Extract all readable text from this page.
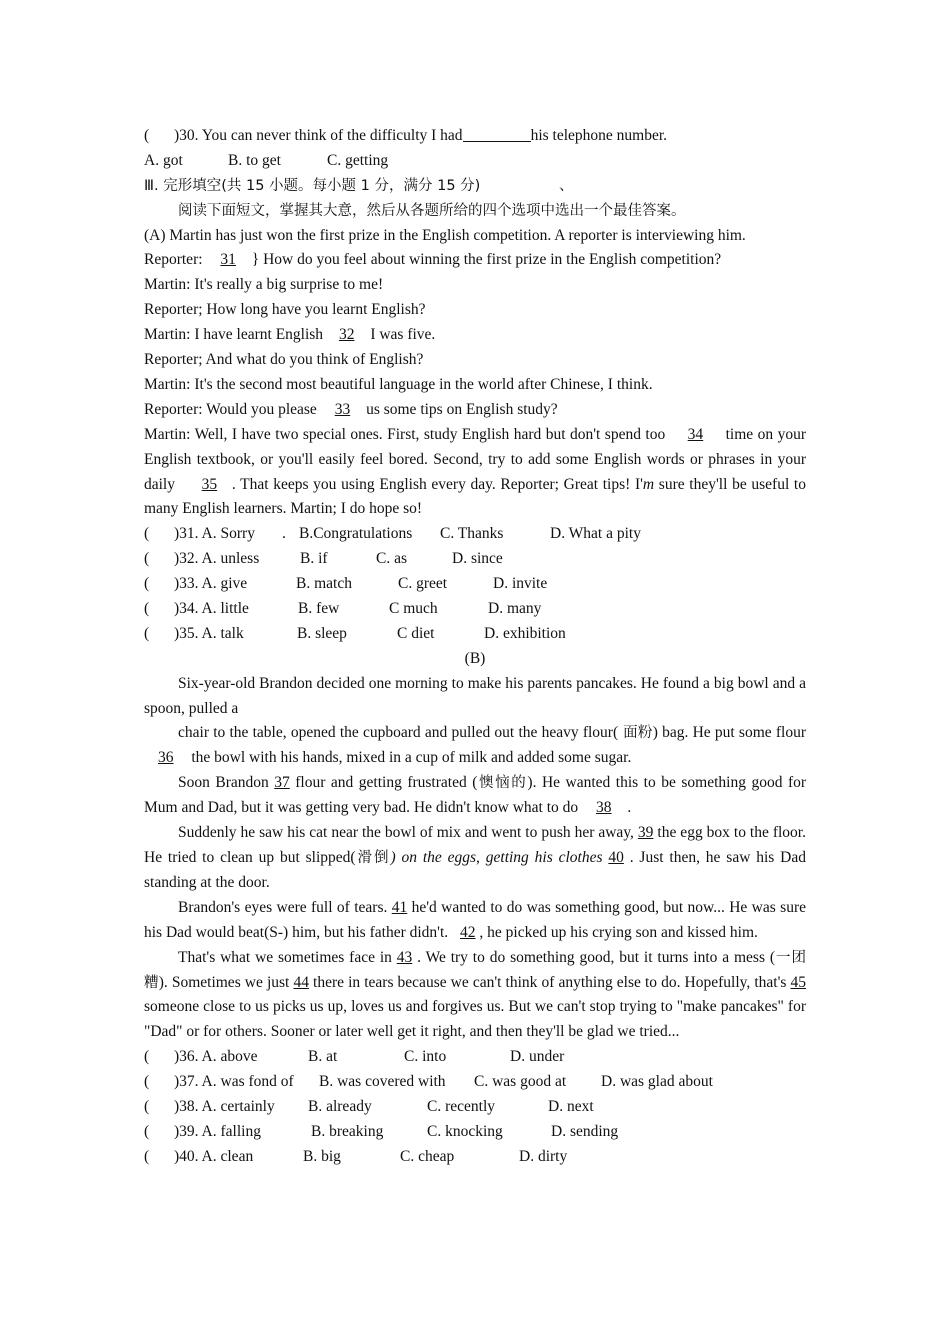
( )30. You can never think of the difficulty I had	his telephone number.
A. got	B. to get	C. getting
Ⅲ. 完形填空(共 15 小题。每小题 1 分，满分 15 分)	、
阅读下面短文，掌握其大意，然后从各题所给的四个选项中选出一个最佳答案。
(A) Martin has just won the first prize in the English competition. A reporter is interviewing him.
Reporter: 31 } How do you feel about winning the first prize in the English competition?
Martin: It's really a big surprise to me!
Reporter; How long have you learnt English?
Martin: I have learnt English 32 I was five.
Reporter; And what do you think of English?
Martin: It's the second most beautiful language in the world after Chinese, I think.
Reporter: Would you please 33 us some tips on English study?
Martin: Well, I have two special ones. First, study English hard but don't spend too 34 time on your English textbook, or you'll easily feel bored. Second, try to add some English words or phrases in your daily 35 . That keeps you using English every day. Reporter; Great tips! I'm sure they'll be useful to many English learners. Martin; I do hope so!
( )31. A. Sorry . B.Congratulations C. Thanks	D. What a pity
( )32. A. unless	B. if	C. as	D. since
( )33. A. give	B. match	C. greet	D. invite
( )34. A. little	B. few	C much	D. many
( )35. A. talk	B. sleep	C diet	D. exhibition
(B)
Six-year-old Brandon decided one morning to make his parents pancakes. He found a big bowl and a spoon, pulled a
chair to the table, opened the cupboard and pulled out the heavy flour( 面粉) bag. He put some flour 36 the bowl with his hands, mixed in a cup of milk and added some sugar.
Soon Brandon 37 flour and getting frustrated (懊恼的). He wanted this to be something good for Mum and Dad, but it was getting very bad. He didn't know what to do 38 .
Suddenly he saw his cat near the bowl of mix and went to push her away, 39 the egg box to the floor. He tried to clean up but slipped(滑倒) on the eggs, getting his clothes 40 . Just then, he saw his Dad standing at the door.
Brandon's eyes were full of tears. 41 he'd wanted to do was something good, but now... He was sure his Dad would beat(S-) him, but his father didn't. 42 , he picked up his crying son and kissed him.
That's what we sometimes face in 43 . We try to do something good, but it turns into a mess (一团糟). Sometimes we just 44 there in tears because we can't think of anything else to do. Hopefully, that's 45 someone close to us picks us up, loves us and forgives us. But we can't stop trying to "make pancakes" for "Dad" or for others. Sooner or later well get it right, and then they'll be glad we tried...
( )36. A. above	B. at	C. into	D. under
( )37. A. was fond of B. was covered with C. was good at D. was glad about
( )38. A. certainly B. already	C. recently	D. next
( )39. A. falling	B. breaking	C. knocking	D. sending
( )40. A. clean	B. big	C. cheap	D. dirty
